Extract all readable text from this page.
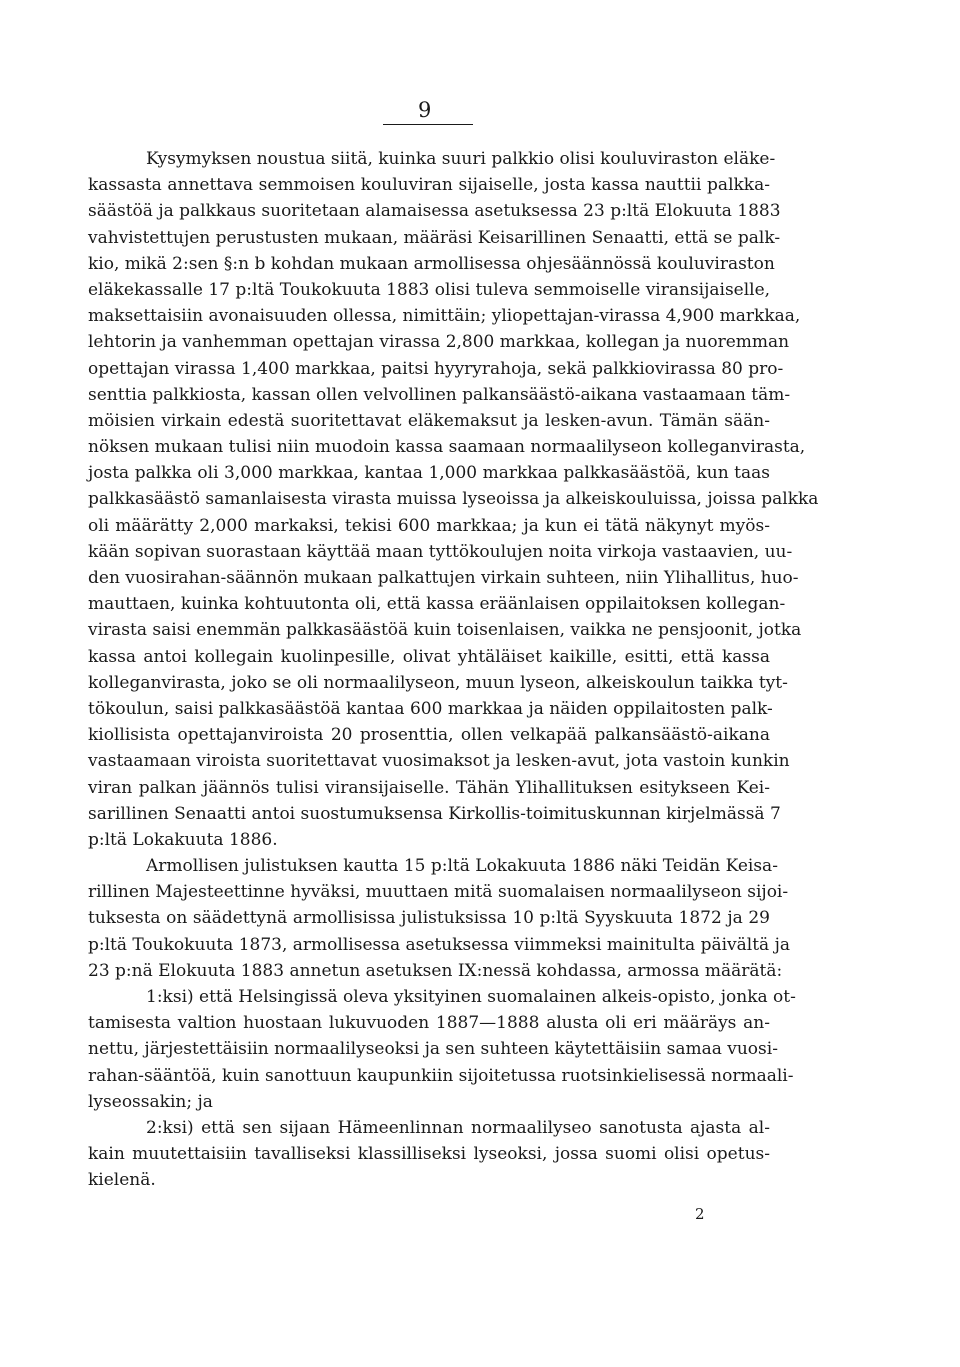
9
Kysymyksen noustua siitä, kuinka suuri palkkio olisi kouluviraston eläke-
kassasta annettava semmoisen kouluviran sijaiselle, josta kassa nauttii palkka-
säästöä ja palkkaus suoritetaan alamaisessa asetuksessa 23 p:ltä Elokuuta 1883
vahvistettujen perustusten mukaan, määräsi Keisarillinen Senaatti, että se palk-
kio, mikä 2:sen §:n b kohdan mukaan armollisessa ohjesäännössä kouluviraston
eläkekassalle 17 p:ltä Toukokuuta 1883 olisi tuleva semmoiselle viransijaiselle,
maksettaisiin avonaisuuden ollessa, nimittäin; yliopettajan-virassa 4,900 markkaa,
lehtorin ja vanhemman opettajan virassa 2,800 markkaa, kollegan ja nuoremman
opettajan virassa 1,400 markkaa, paitsi hyyryrahoja, sekä palkkiovirassa 80 pro-
senttia palkkiosta, kassan ollen velvollinen palkansäästö-aikana vastaamaan täm-
möisien virkain edestä suoritettavat eläkemaksut ja lesken-avun. Tämän sään-
nöksen mukaan tulisi niin muodoin kassa saamaan normaalilyseon kolleganvirasta,
josta palkka oli 3,000 markkaa, kantaa 1,000 markkaa palkkasäästöä, kun taas
palkkasäästö samanlaisesta virasta muissa lyseoissa ja alkeiskouluissa, joissa palkka
oli määrätty 2,000 markaksi, tekisi 600 markkaa; ja kun ei tätä näkynyt myös-
kään sopivan suorastaan käyttää maan tyttökoulujen noita virkoja vastaavien, uu-
den vuosirahan-säännön mukaan palkattujen virkain suhteen, niin Ylihallitus, huo-
mauttaen, kuinka kohtuutonta oli, että kassa eräänlaisen oppilaitoksen kollegan-
virasta saisi enemmän palkkasäästöä kuin toisenlaisen, vaikka ne pensjoonit, jotka
kassa antoi kollegain kuolinpesille, olivat yhtäläiset kaikille, esitti, että kassa
kolleganvirasta, joko se oli normaalilyseon, muun lyseon, alkeiskoulun taikka tyt-
tökoulun, saisi palkkasäästöä kantaa 600 markkaa ja näiden oppilaitosten palk-
kiollisista opettajanviroista 20 prosenttia, ollen velkapää palkansäästö-aikana
vastaamaan viroista suoritettavat vuosimaksot ja lesken-avut, jota vastoin kunkin
viran palkan jäännös tulisi viransijaiselle. Tähän Ylihallituksen esitykseen Kei-
sarillinen Senaatti antoi suostumuksensa Kirkollis-toimituskunnan kirjelmässä 7
p:ltä Lokakuuta 1886.
Armollisen julistuksen kautta 15 p:ltä Lokakuuta 1886 näki Teidän Keisa-
rillinen Majesteettinne hyväksi, muuttaen mitä suomalaisen normaalilyseon sijoi-
tuksesta on säädettynä armollisissa julistuksissa 10 p:ltä Syyskuuta 1872 ja 29
p:ltä Toukokuuta 1873, armollisessa asetuksessa viimmeksi mainitulta päivältä ja
23 p:nä Elokuuta 1883 annetun asetuksen IX:nessä kohdassa, armossa määrätä:
1:ksi) että Helsingissä oleva yksityinen suomalainen alkeis-opisto, jonka ot-
tamisesta valtion huostaan lukuvuoden 1887—1888 alusta oli eri määräys an-
nettu, järjestettäisiin normaalilyseoksi ja sen suhteen käytettäisiin samaa vuosi-
rahan-sääntöä, kuin sanottuun kaupunkiin sijoitetussa ruotsinkielisessä normaali-
lyseossakin; ja
2:ksi) että sen sijaan Hämeenlinnan normaalilyseo sanotusta ajasta al-
kain muutettaisiin tavalliseksi klassilliseksi lyseoksi, jossa suomi olisi opetus-
kielenä.
2
